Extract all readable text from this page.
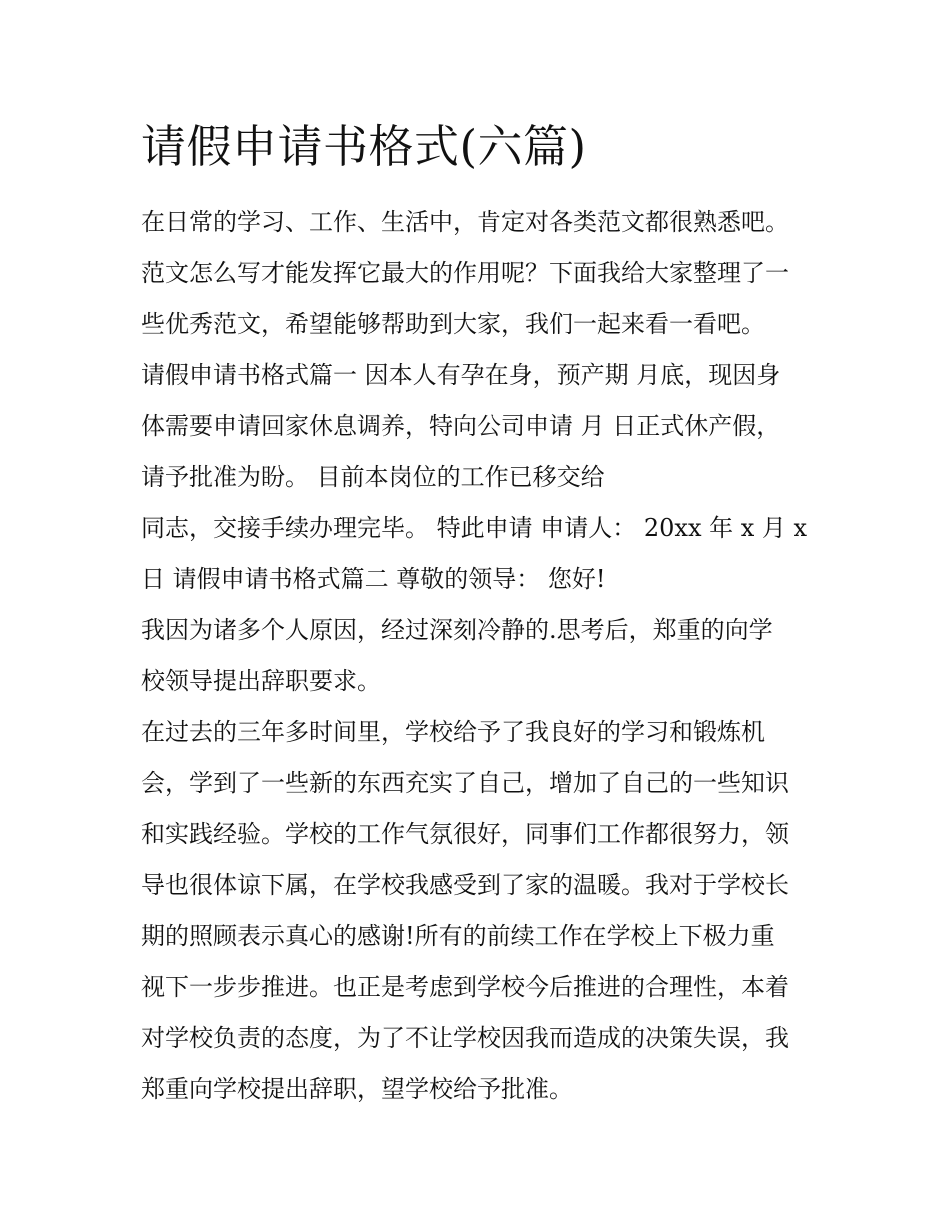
请假申请书格式(六篇)
在日常的学习、工作、生活中，肯定对各类范文都很熟悉吧。
范文怎么写才能发挥它最大的作用呢？下面我给大家整理了一
些优秀范文，希望能够帮助到大家，我们一起来看一看吧。
请假申请书格式篇一 因本人有孕在身，预产期 月底，现因身
体需要申请回家休息调养，特向公司申请 月 日正式休产假，
请予批准为盼。 目前本岗位的工作已移交给
同志，交接手续办理完毕。 特此申请 申请人： 20xx 年 x 月 x
日 请假申请书格式篇二 尊敬的领导： 您好!
我因为诸多个人原因，经过深刻冷静的.思考后，郑重的向学
校领导提出辞职要求。
在过去的三年多时间里，学校给予了我良好的学习和锻炼机
会，学到了一些新的东西充实了自己，增加了自己的一些知识
和实践经验。学校的工作气氛很好，同事们工作都很努力，领
导也很体谅下属，在学校我感受到了家的温暖。我对于学校长
期的照顾表示真心的感谢!所有的前续工作在学校上下极力重
视下一步步推进。也正是考虑到学校今后推进的合理性，本着
对学校负责的态度，为了不让学校因我而造成的决策失误，我
郑重向学校提出辞职，望学校给予批准。
